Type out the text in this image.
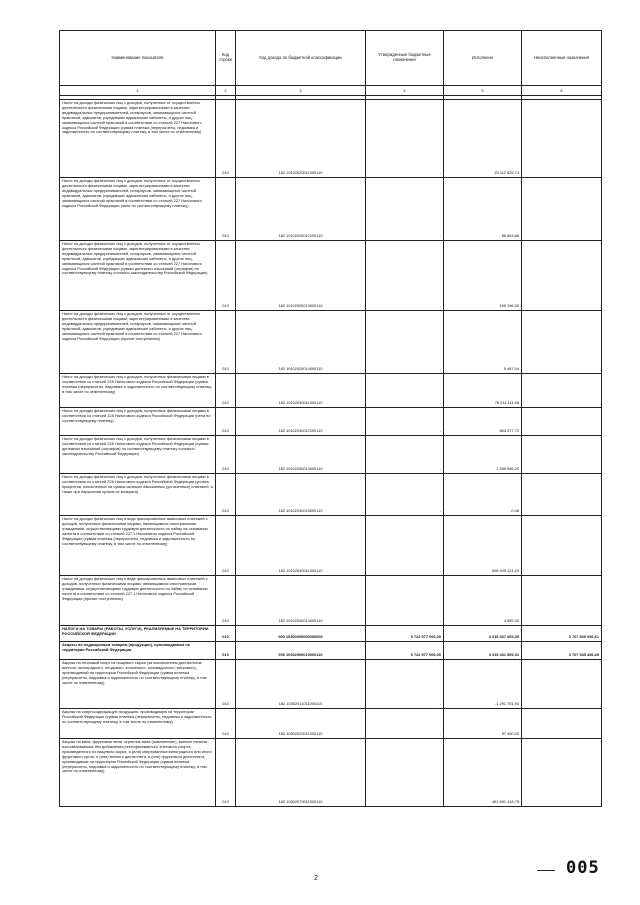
Наименование показателя	Код строки	Код дохода по бюджетной классификации	Утвержденные бюджетные назначения	Исполнено	Неисполненные назначения
1	2	3	4	5	6

Налог на доходы физических лиц с доходов, полученных от осуществления деятельности физическими лицами, зарегистрированными в качестве индивидуальных предпринимателей, нотариусов, занимающихся частной практикой, адвокатов, учредивших адвокатские кабинеты, и других лиц, занимающихся частной практикой в соответствии со статьей 227 Налогового кодекса Российской Федерации (сумма платежа (перерасчеты, недоимка и задолженность по соответствующему платежу, в том числе по отмененному)	010	182 10102020011000110	-	29 112 625,73	
Налог на доходы физических лиц с доходов, полученных от осуществления деятельности физическими лицами, зарегистрированными в качестве индивидуальных предпринимателей, нотариусов, занимающихся частной практикой, адвокатов, учредивших адвокатские кабинеты, и других лиц, занимающихся частной практикой в соответствии со статьей 227 Налогового кодекса Российской Федерации (пени по соответствующему платежу)	010	182 10102020012100110	-	86 844,88	
Налог на доходы физических лиц с доходов, полученных от осуществления деятельности физическими лицами, зарегистрированными в качестве индивидуальных предпринимателей, нотариусов, занимающихся частной практикой, адвокатов, учредивших адвокатские кабинеты, и других лиц, занимающихся частной практикой в соответствии со статьей 227 Налогового кодекса Российской Федерации (суммы денежных взысканий (штрафов) по соответствующему платежу согласно законодательству Российской Федерации)	010	182 10102020013000110	-	160 196,30	
Налог на доходы физических лиц с доходов, полученных от осуществления деятельности физическими лицами, зарегистрированными в качестве индивидуальных предпринимателей, нотариусов, занимающихся частной практикой, адвокатов, учредивших адвокатские кабинеты, и других лиц, занимающихся частной практикой в соответствии со статьей 227 Налогового кодекса Российской Федерации (прочие поступления)	010	182 10102020014000110	-	5 467,04	
Налог на доходы физических лиц с доходов, полученных физическими лицами в соответствии со статьей 228 Налогового кодекса Российской Федерации (сумма платежа (перерасчеты, недоимка и задолженность по соответствующему платежу, в том числе по отмененному)	010	182 10102030011000110	-	76 214 111,96	
Налог на доходы физических лиц с доходов, полученных физическими лицами в соответствии со статьей 228 Налогового кодекса Российской Федерации (пени по соответствующему платежу)	010	182 10102030012100110	-	864 377,70	
Налог на доходы физических лиц с доходов, полученных физическими лицами в соответствии со статьей 228 Налогового кодекса Российской Федерации (суммы денежных взысканий (штрафов) по соответствующему платежу согласно законодательству Российской Федерации)	010	182 10102030013000110	-	1 599 596,20	
Налог на доходы физических лиц с доходов, полученных физическими лицами в соответствии со статьей 228 Налогового кодекса Российской Федерации (уплата процентов, начисленных на суммы излишне взысканных (уплаченных) платежей, а также при нарушении сроков их возврата)	010	182 10102030015000110	-	-0,46	
Налог на доходы физических лиц в виде фиксированных авансовых платежей с доходов, полученных физическими лицами, являющимися иностранными гражданами, осуществляющими трудовую деятельность по найму на основании патента в соответствии со статьей 227.1 Налогового кодекса Российской Федерации (сумма платежа (перерасчеты, недоимка и задолженность по соответствующему платежу, в том числе по отмененному)	010	182 10102040011000110	-	508 949 121,20	
Налог на доходы физических лиц в виде фиксированных авансовых платежей с доходов, полученных физическими лицами, являющимися иностранными гражданами, осуществляющими трудовую деятельность по найму на основании патента в соответствии со статьей 227.1 Налогового кодекса Российской Федерации (прочие поступления)	010	182 10102040014000110	-	4 859,30	
НАЛОГИ НА ТОВАРЫ (РАБОТЫ, УСЛУГИ), РЕАЛИЗУЕМЫЕ НА ТЕРРИТОРИИ РОССИЙСКОЙ ФЕДЕРАЦИИ	010	000 10300000000000000	6 722 977 006,00	3 015 437 069,39	3 707 539 936,61
Акцизы по подакцизным товарам (продукции), производимым на территории Российской Федерации	010	000 10302000010000110	6 722 977 006,00	3 015 431 509,31	3 707 545 496,69
Акцизы на этиловый спирт из пищевого сырья (за исключением дистиллятов винного, виноградного, плодового, коньячного, кальвадосного, вискового), производимый на территории Российской Федерации (сумма платежа (перерасчеты, недоимка и задолженность по соответствующему платежу, в том числе по отмененному)	010	182 10302011011000110	-	-1 291 701,93	
Акцизы на спиртосодержащую продукцию, производимую на территории Российской Федерации (сумма платежа (перерасчеты, недоимка и задолженность по соответствующему платежу, в том числе по отмененному)	010	182 10302020011000110	-	57 400,00	
Акцизы на вина, фруктовые вина, игристые вина (шампанские), винные напитки, изготавливаемые без добавления ректификованного этилового спирта, произведенного из пищевого сырья, и (или) спиртованных виноградного или иного фруктового сусла, и (или) винного дистиллята, и (или) фруктового дистиллята, производимые на территории Российской Федерации (сумма платежа (перерасчеты, недоимка и задолженность по соответствующему платежу, в том числе по отмененному)	010	182 10302070011000110	-	461 661 418,75	
2
005
